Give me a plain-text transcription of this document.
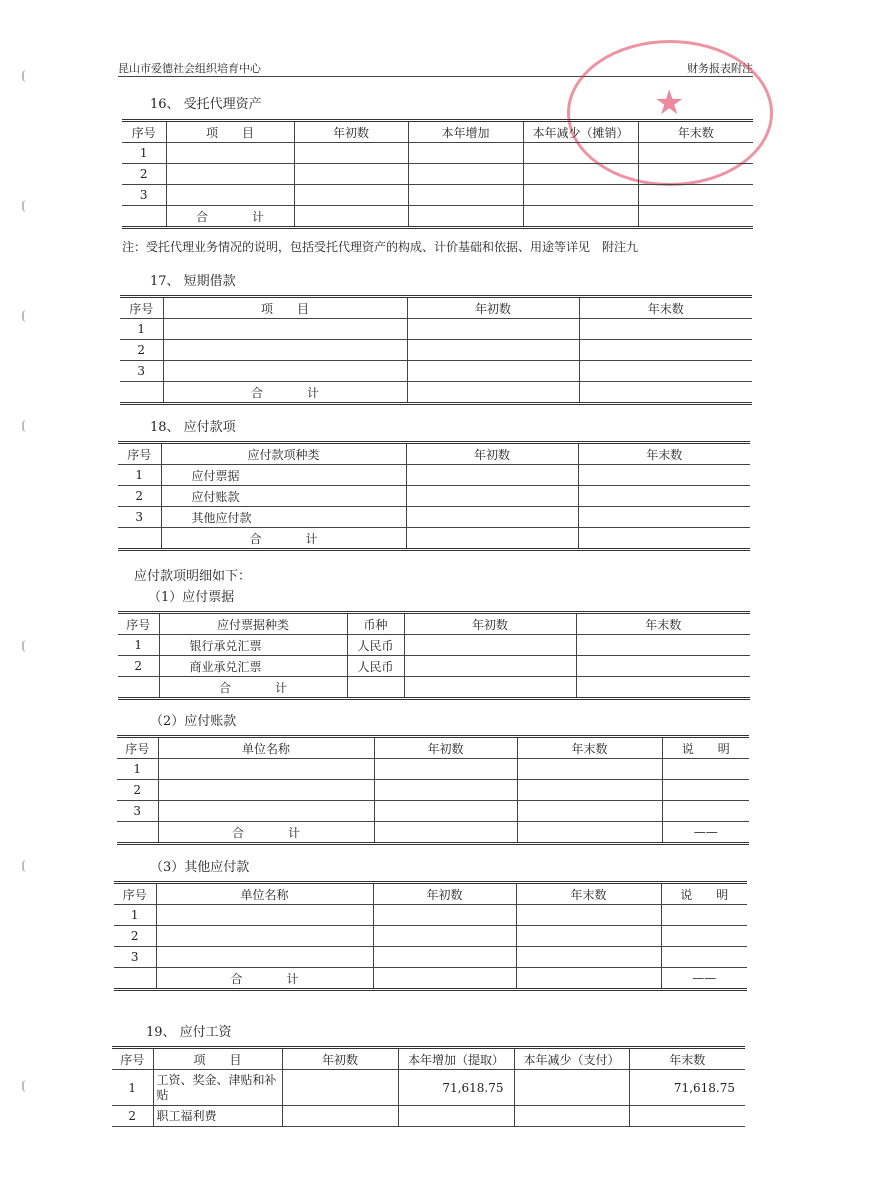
昆山市爱德社会组织培育中心	财务报表附注
★
16、 受托代理资产
序号	项　　目	年初数	本年增加	本年减少（摊销）	年末数
1					
2					
3					
	合 计				
注：受托代理业务情况的说明，包括受托代理资产的构成、计价基础和依据、用途等详见　附注九
17、 短期借款
序号	项　　目	年初数	年末数
1			
2			
3			
	合 计		
18、 应付款项
序号	应付款项种类	年初数	年末数
1	应付票据		
2	应付账款		
3	其他应付款		
	合 计		
应付款项明细如下：
（1）应付票据
序号	应付票据种类	币种	年初数	年末数
1	银行承兑汇票	人民币		
2	商业承兑汇票	人民币		
	合 计			
（2）应付账款
序号	单位名称	年初数	年末数	说　　明
1				
2				
3				
	合 计			——
（3）其他应付款
序号	单位名称	年初数	年末数	说　　明
1				
2				
3				
	合 计			——
19、 应付工资
序号	项　　目	年初数	本年增加（提取）	本年减少（支付）	年末数
1	工资、奖金、津贴和补贴		71,618.75		71,618.75
2	职工福利费				
